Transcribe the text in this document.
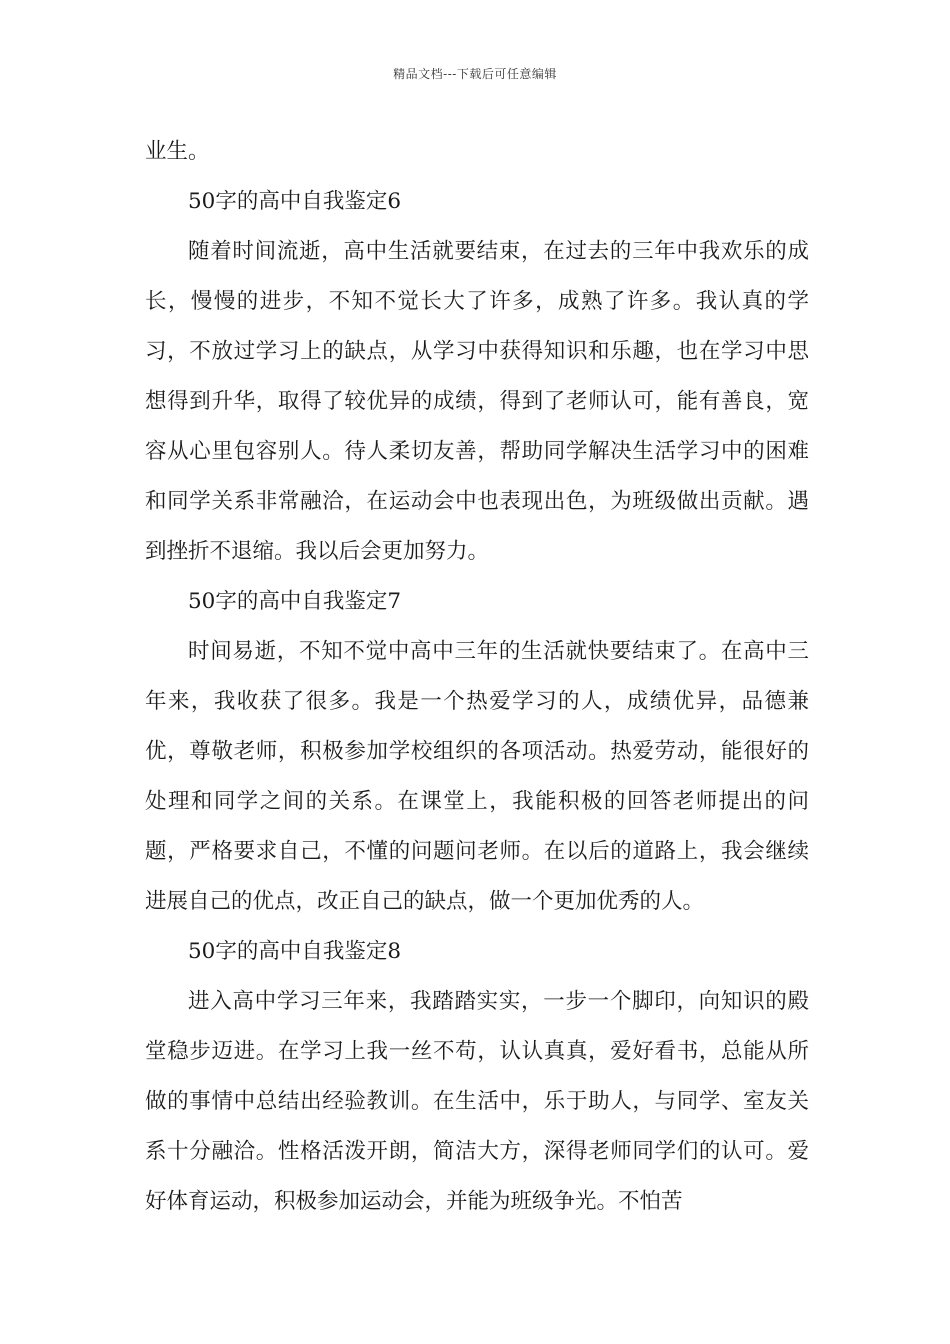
精品文档---下载后可任意编辑

业生。

50字的高中自我鉴定6

随着时间流逝，高中生活就要结束，在过去的三年中我欢乐的成长，慢慢的进步，不知不觉长大了许多，成熟了许多。我认真的学习，不放过学习上的缺点，从学习中获得知识和乐趣，也在学习中思想得到升华，取得了较优异的成绩，得到了老师认可，能有善良，宽容从心里包容别人。待人柔切友善，帮助同学解决生活学习中的困难和同学关系非常融洽，在运动会中也表现出色，为班级做出贡献。遇到挫折不退缩。我以后会更加努力。

50字的高中自我鉴定7

时间易逝，不知不觉中高中三年的生活就快要结束了。在高中三年来，我收获了很多。我是一个热爱学习的人，成绩优异，品德兼优，尊敬老师，积极参加学校组织的各项活动。热爱劳动，能很好的处理和同学之间的关系。在课堂上，我能积极的回答老师提出的问题，严格要求自己，不懂的问题问老师。在以后的道路上，我会继续进展自己的优点，改正自己的缺点，做一个更加优秀的人。

50字的高中自我鉴定8

进入高中学习三年来，我踏踏实实，一步一个脚印，向知识的殿堂稳步迈进。在学习上我一丝不苟，认认真真，爱好看书，总能从所做的事情中总结出经验教训。在生活中，乐于助人，与同学、室友关系十分融洽。性格活泼开朗，简洁大方，深得老师同学们的认可。爱好体育运动，积极参加运动会，并能为班级争光。不怕苦
